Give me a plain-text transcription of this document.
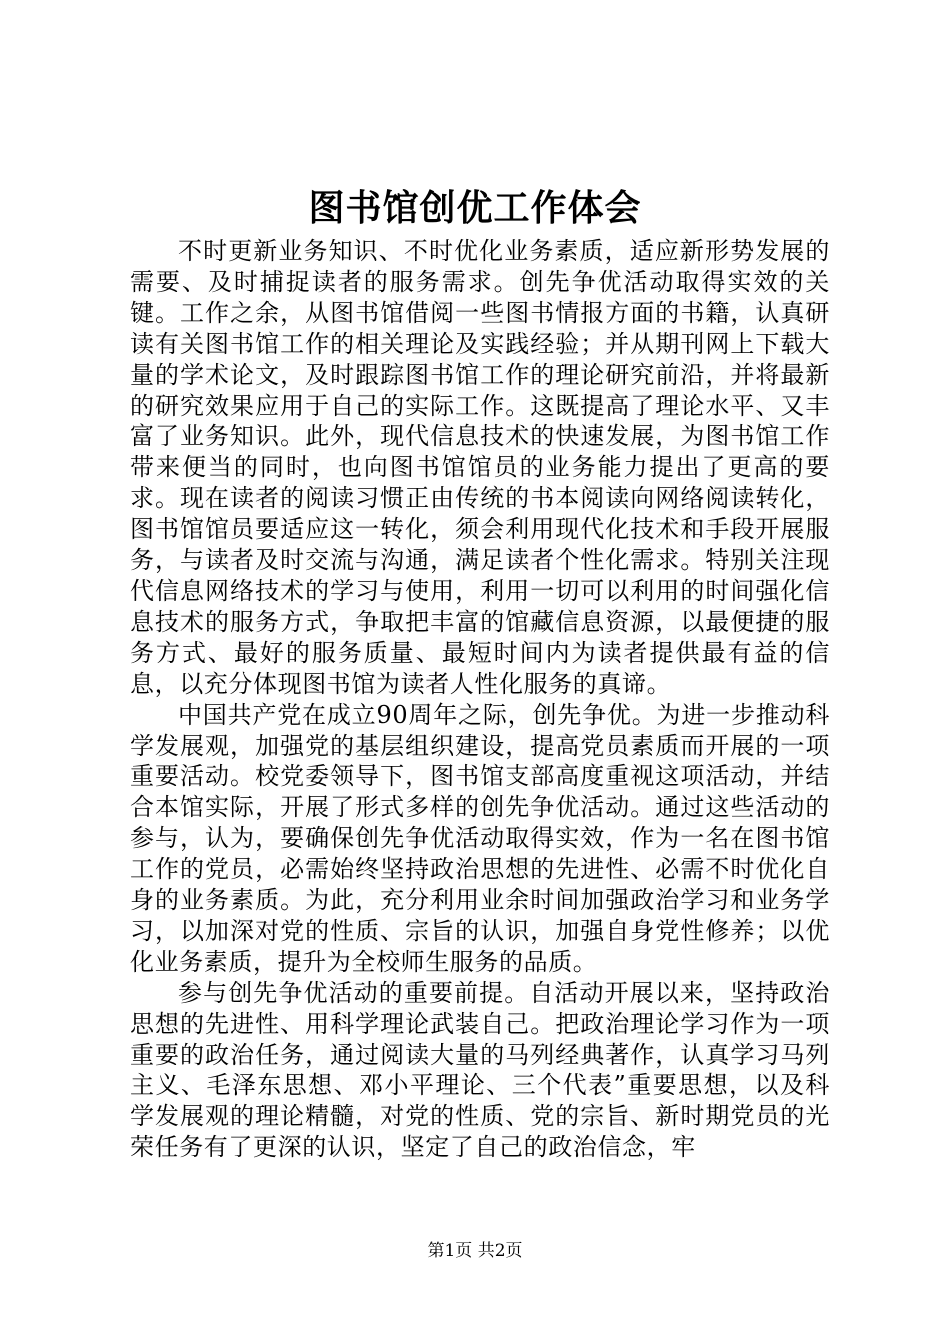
图书馆创优工作体会

不时更新业务知识、不时优化业务素质，适应新形势发展的需要、及时捕捉读者的服务需求。创先争优活动取得实效的关键。工作之余，从图书馆借阅一些图书情报方面的书籍，认真研读有关图书馆工作的相关理论及实践经验；并从期刊网上下载大量的学术论文，及时跟踪图书馆工作的理论研究前沿，并将最新的研究效果应用于自己的实际工作。这既提高了理论水平、又丰富了业务知识。此外，现代信息技术的快速发展，为图书馆工作带来便当的同时，也向图书馆馆员的业务能力提出了更高的要求。现在读者的阅读习惯正由传统的书本阅读向网络阅读转化，图书馆馆员要适应这一转化，须会利用现代化技术和手段开展服务，与读者及时交流与沟通，满足读者个性化需求。特别关注现代信息网络技术的学习与使用，利用一切可以利用的时间强化信息技术的服务方式，争取把丰富的馆藏信息资源，以最便捷的服务方式、最好的服务质量、最短时间内为读者提供最有益的信息，以充分体现图书馆为读者人性化服务的真谛。

中国共产党在成立90周年之际，创先争优。为进一步推动科学发展观，加强党的基层组织建设，提高党员素质而开展的一项重要活动。校党委领导下，图书馆支部高度重视这项活动，并结合本馆实际，开展了形式多样的创先争优活动。通过这些活动的参与，认为，要确保创先争优活动取得实效，作为一名在图书馆工作的党员，必需始终坚持政治思想的先进性、必需不时优化自身的业务素质。为此，充分利用业余时间加强政治学习和业务学习，以加深对党的性质、宗旨的认识，加强自身党性修养；以优化业务素质，提升为全校师生服务的品质。

参与创先争优活动的重要前提。自活动开展以来，坚持政治思想的先进性、用科学理论武装自己。把政治理论学习作为一项重要的政治任务，通过阅读大量的马列经典著作，认真学习马列主义、毛泽东思想、邓小平理论、三个代表”重要思想，以及科学发展观的理论精髓，对党的性质、党的宗旨、新时期党员的光荣任务有了更深的认识，坚定了自己的政治信念，牢

第1页 共2页
